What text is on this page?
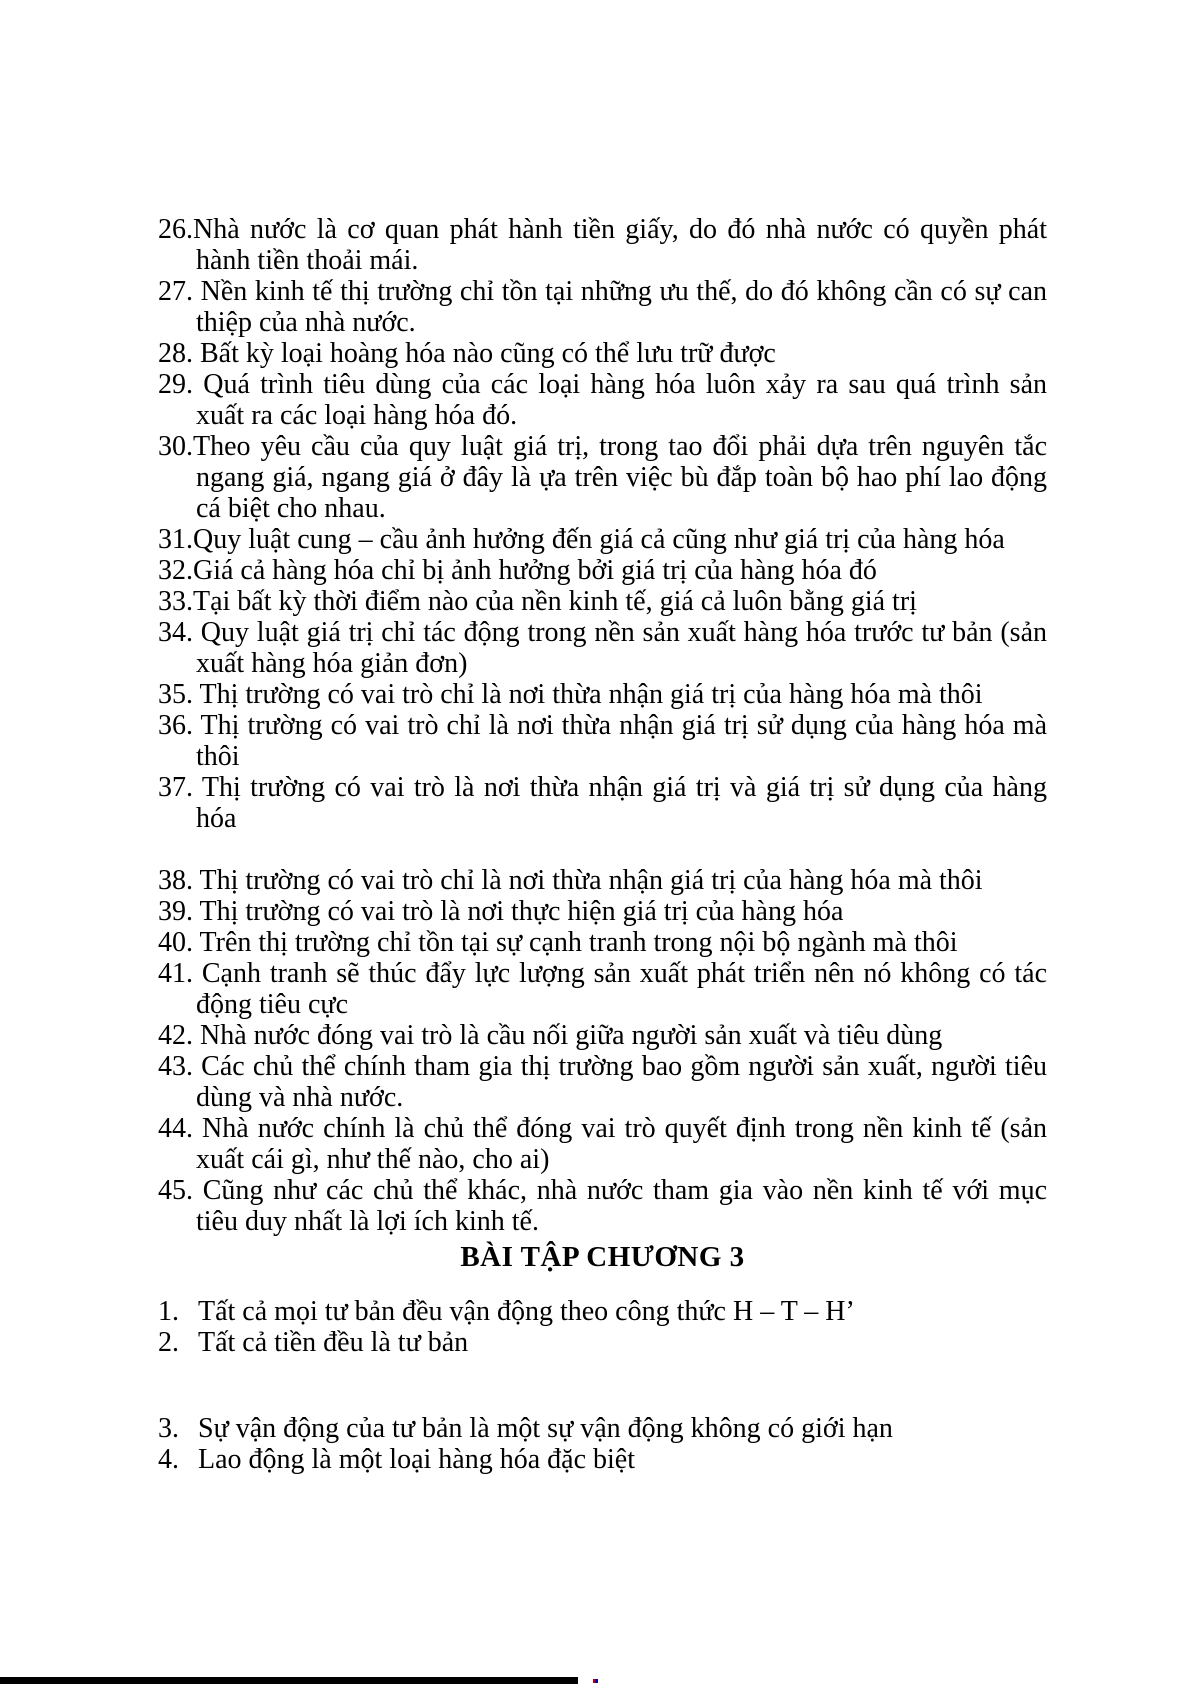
26.Nhà nước là cơ quan phát hành tiền giấy, do đó nhà nước có quyền phát hành tiền thoải mái.
27. Nền kinh tế thị trường chỉ tồn tại những ưu thế, do đó không cần có sự can thiệp của nhà nước.
28. Bất kỳ loại hoàng hóa nào cũng có thể lưu trữ được
29. Quá trình tiêu dùng của các loại hàng hóa luôn xảy ra sau quá trình sản xuất ra các loại hàng hóa đó.
30.Theo yêu cầu của quy luật giá trị, trong tao đổi phải dựa trên nguyên tắc ngang giá, ngang giá ở đây là ựa trên việc bù đắp toàn bộ hao phí lao động cá biệt cho nhau.
31.Quy luật cung – cầu ảnh hưởng đến giá cả cũng như giá trị của hàng hóa
32.Giá cả hàng hóa chỉ bị ảnh hưởng bởi giá trị của hàng hóa đó
33.Tại bất kỳ thời điểm nào của nền kinh tế, giá cả luôn bằng giá trị
34. Quy luật giá trị chỉ tác động trong nền sản xuất hàng hóa trước tư bản (sản xuất hàng hóa giản đơn)
35. Thị trường có vai trò chỉ là nơi thừa nhận giá trị của hàng hóa mà thôi
36. Thị trường có vai trò chỉ là nơi thừa nhận giá trị sử dụng của hàng hóa mà thôi
37. Thị trường có vai trò là nơi thừa nhận giá trị và giá trị sử dụng của hàng hóa
38. Thị trường có vai trò chỉ là nơi thừa nhận giá trị của hàng hóa mà thôi
39. Thị trường có vai trò là nơi thực hiện giá trị của hàng hóa
40. Trên thị trường chỉ tồn tại sự cạnh tranh trong nội bộ ngành mà thôi
41. Cạnh tranh sẽ thúc đẩy lực lượng sản xuất phát triển nên nó không có tác động tiêu cực
42. Nhà nước đóng vai trò là cầu nối giữa người sản xuất và tiêu dùng
43. Các chủ thể chính tham gia thị trường bao gồm người sản xuất, người tiêu dùng và nhà nước.
44. Nhà nước chính là chủ thể đóng vai trò quyết định trong nền kinh tế (sản xuất cái gì, như thế nào, cho ai)
45. Cũng như các chủ thể khác, nhà nước tham gia vào nền kinh tế với mục tiêu duy nhất là lợi ích kinh tế.
BÀI TẬP CHƯƠNG 3
1. Tất cả mọi tư bản đều vận động theo công thức H – T – H’
2. Tất cả tiền đều là tư bản
3. Sự vận động của tư bản là một sự vận động không có giới hạn
4. Lao động là một loại hàng hóa đặc biệt
